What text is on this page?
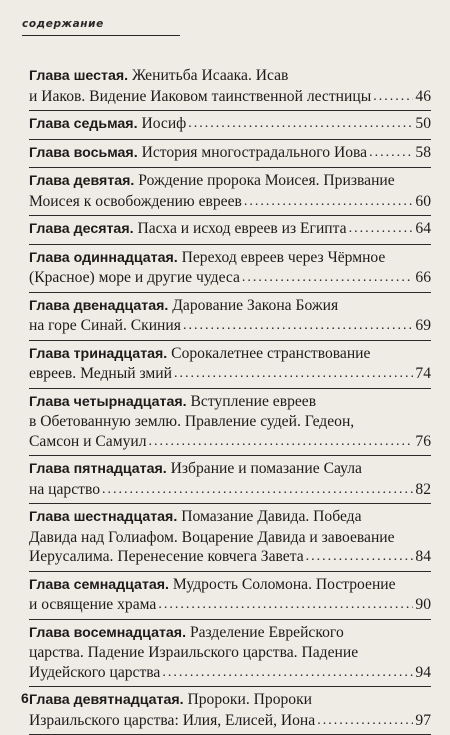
содержание
Глава шестая. Женитьба Исаака. Исав
и Иаков. Видение Иаковом таинственной лестницы .....	46
Глава седьмая. Иосиф .....	50
Глава восьмая. История многострадального Иова .....	58
Глава девятая. Рождение пророка Моисея. Призвание
Моисея к освобождению евреев .....	60
Глава десятая. Пасха и исход евреев из Египта .....	64
Глава одиннадцатая. Переход евреев через Чёрмное
(Красное) море и другие чудеса .....	66
Глава двенадцатая. Дарование Закона Божия
на горе Синай. Скиния .....	69
Глава тринадцатая. Сорокалетнее странствование
евреев. Медный змий .....	74
Глава четырнадцатая. Вступление евреев
в Обетованную землю. Правление судей. Гедеон,
Самсон и Самуил .....	76
Глава пятнадцатая. Избрание и помазание Саула
на царство .....	82
Глава шестнадцатая. Помазание Давида. Победа
Давида над Голиафом. Воцарение Давида и завоевание
Иерусалима. Перенесение ковчега Завета .....	84
Глава семнадцатая. Мудрость Соломона. Построение
и освящение храма .....	90
Глава восемнадцатая. Разделение Еврейского
царства. Падение Израильского царства. Падение
Иудейского царства .....	94
Глава девятнадцатая. Пророки. Пророки
Израильского царства: Илия, Елисей, Иона .....	97
6
